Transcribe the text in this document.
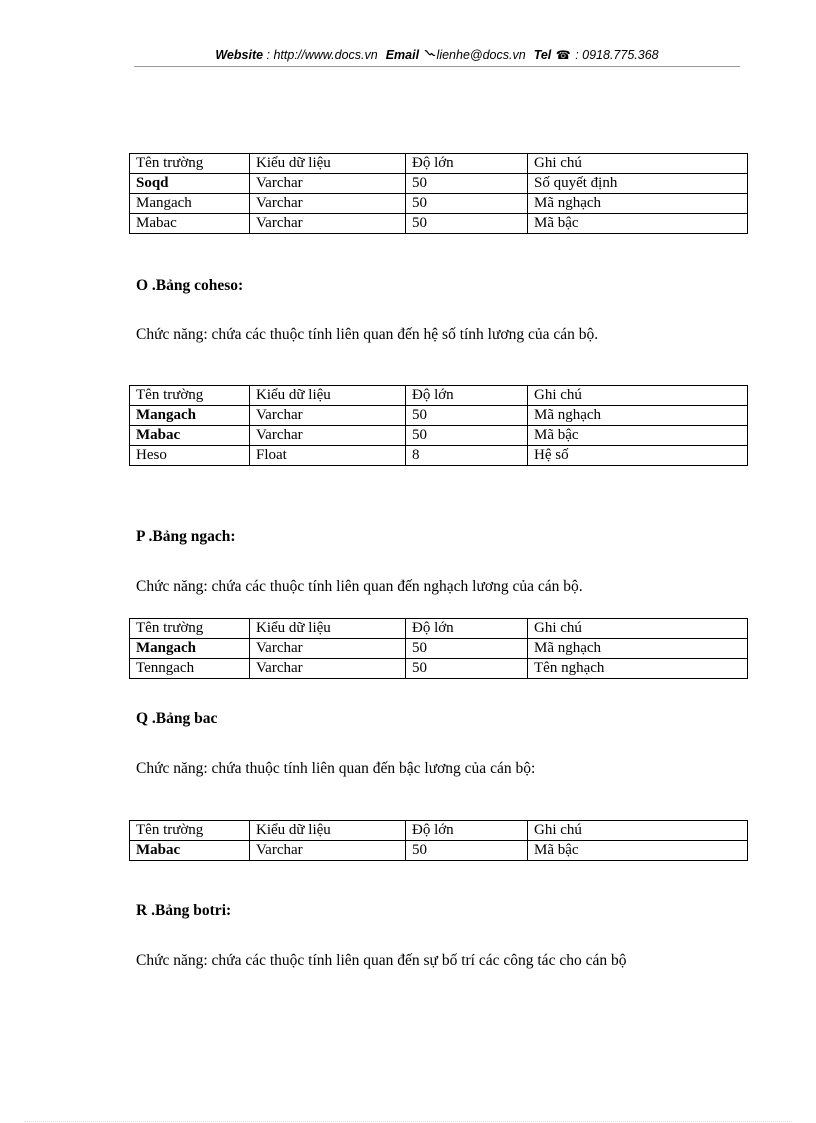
Website : http://www.docs.vn Email lienhe@docs.vn Tel ☎ : 0918.775.368
Tên trường	Kiểu dữ liệu	Độ lớn	Ghi chú
Soqd	Varchar	50	Số quyết định
Mangach	Varchar	50	Mã nghạch
Mabac	Varchar	50	Mã bậc
O .Bảng coheso:
Chức năng: chứa các thuộc tính liên quan đến hệ số tính lương của cán bộ.
Tên trường	Kiểu dữ liệu	Độ lớn	Ghi chú
Mangach	Varchar	50	Mã nghạch
Mabac	Varchar	50	Mã bậc
Heso	Float	8	Hệ số
P .Bảng ngach:
Chức năng: chứa các thuộc tính liên quan đến nghạch lương của cán bộ.
Tên trường	Kiểu dữ liệu	Độ lớn	Ghi chú
Mangach	Varchar	50	Mã nghạch
Tenngach	Varchar	50	Tên nghạch
Q .Bảng bac
Chức năng: chứa thuộc tính liên quan đến bậc lương của cán bộ:
Tên trường	Kiểu dữ liệu	Độ lớn	Ghi chú
Mabac	Varchar	50	Mã bậc
R .Bảng botri:
Chức năng: chứa các thuộc tính liên quan đến sự bố trí các công tác cho cán bộ
